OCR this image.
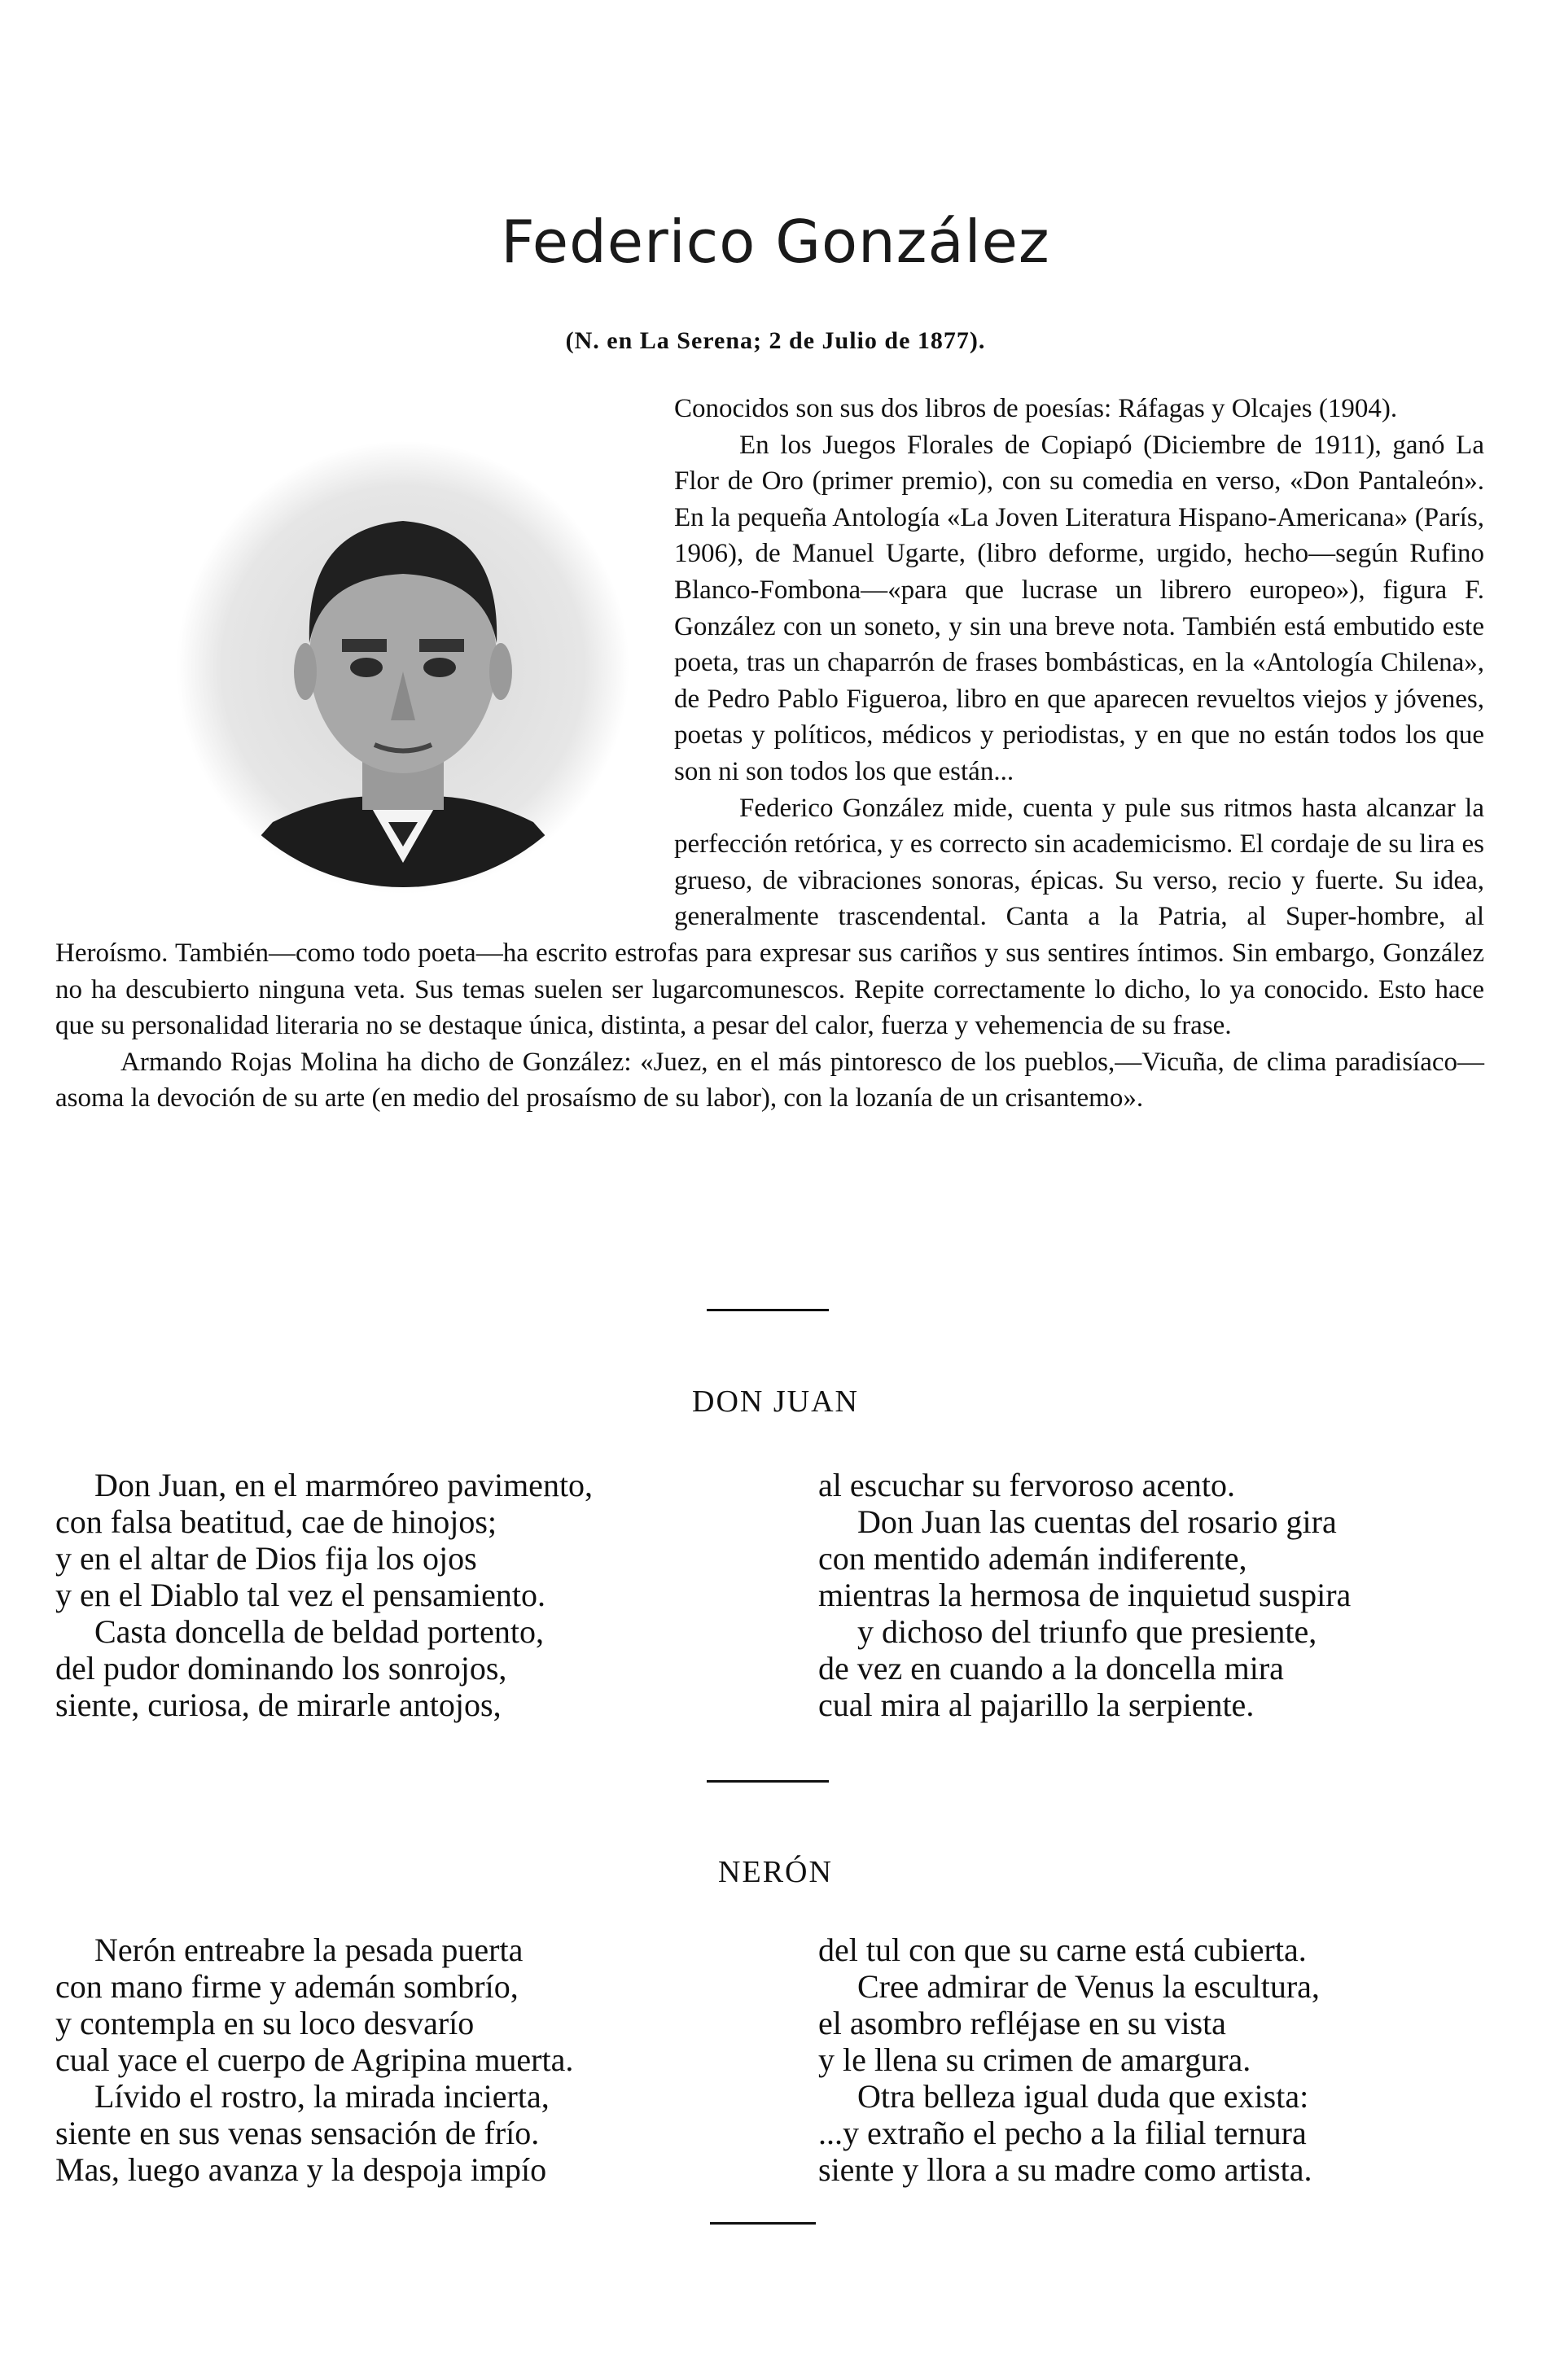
Federico González
(N. en La Serena; 2 de Julio de 1877).

Conocidos son sus dos libros de poesías: Ráfagas y Olcajes (1904).

En los Juegos Florales de Copiapó (Diciembre de 1911), ganó La Flor de Oro (primer premio), con su comedia en verso, «Don Pantaleón». En la pequeña Antología «La Joven Literatura Hispano-Americana» (París, 1906), de Manuel Ugarte, (libro deforme, urgido, hecho—según Rufino Blanco-Fombona—«para que lucrase un librero europeo»), figura F. González con un soneto, y sin una breve nota. También está embutido este poeta, tras un chaparrón de frases bombásticas, en la «Antología Chilena», de Pedro Pablo Figueroa, libro en que aparecen revueltos viejos y jóvenes, poetas y políticos, médicos y periodistas, y en que no están todos los que son ni son todos los que están...

Federico González mide, cuenta y pule sus ritmos hasta alcanzar la perfección retórica, y es correcto sin academicismo. El cordaje de su lira es grueso, de vibraciones sonoras, épicas. Su verso, recio y fuerte. Su idea, generalmente trascendental. Canta a la Patria, al Super-hombre, al Heroísmo. También—como todo poeta—ha escrito estrofas para expresar sus cariños y sus sentires íntimos. Sin embargo, González no ha descubierto ninguna veta. Sus temas suelen ser lugarcomunescos. Repite correctamente lo dicho, lo ya conocido. Esto hace que su personalidad literaria no se destaque única, distinta, a pesar del calor, fuerza y vehemencia de su frase.

Armando Rojas Molina ha dicho de González: «Juez, en el más pintoresco de los pueblos,—Vicuña, de clima paradisíaco—asoma la devoción de su arte (en medio del prosaísmo de su labor), con la lozanía de un crisantemo».

DON JUAN
Don Juan, en el marmóreo pavimento,
con falsa beatitud, cae de hinojos;
y en el altar de Dios fija los ojos
y en el Diablo tal vez el pensamiento.
Casta doncella de beldad portento,
del pudor dominando los sonrojos,
siente, curiosa, de mirarle antojos,
al escuchar su fervoroso acento.
Don Juan las cuentas del rosario gira
con mentido ademán indiferente,
mientras la hermosa de inquietud suspira
y dichoso del triunfo que presiente,
de vez en cuando a la doncella mira
cual mira al pajarillo la serpiente.
NERÓN
Nerón entreabre la pesada puerta
con mano firme y ademán sombrío,
y contempla en su loco desvarío
cual yace el cuerpo de Agripina muerta.
Lívido el rostro, la mirada incierta,
siente en sus venas sensación de frío.
Mas, luego avanza y la despoja impío
del tul con que su carne está cubierta.
Cree admirar de Venus la escultura,
el asombro refléjase en su vista
y le llena su crimen de amargura.
Otra belleza igual duda que exista:
...y extraño el pecho a la filial ternura
siente y llora a su madre como artista.
